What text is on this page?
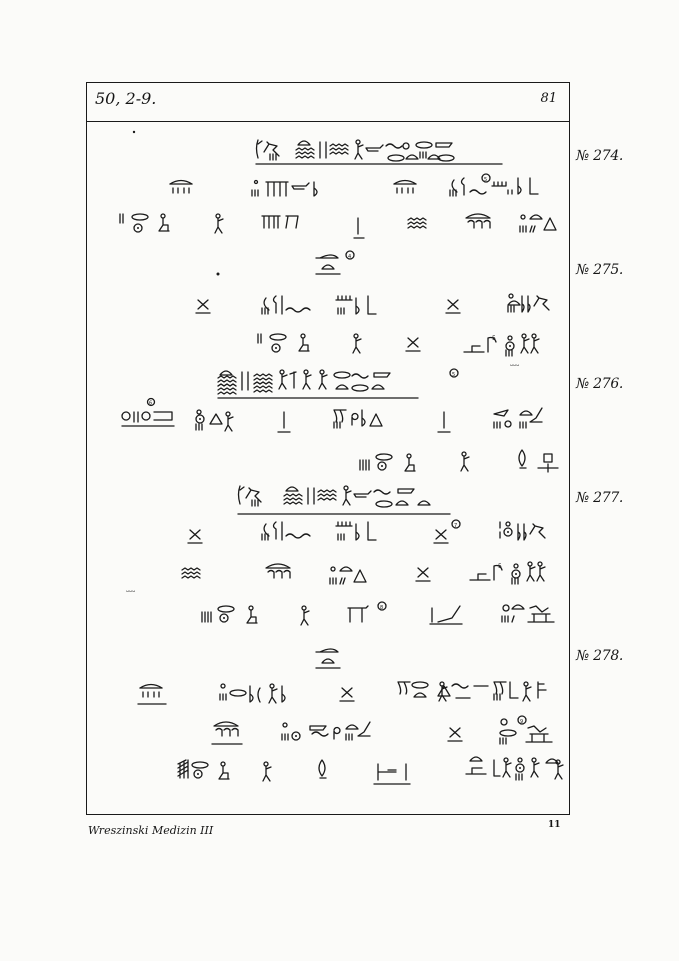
50, 2-9.	81
№ 274.
№ 275.
№ 276.
№ 277.
№ 278.
Wreszinski Medizin III	11
5
4
5
ᴗᴗᴗ
5
6
7
ᴗᴗᴗ
5
8
9
